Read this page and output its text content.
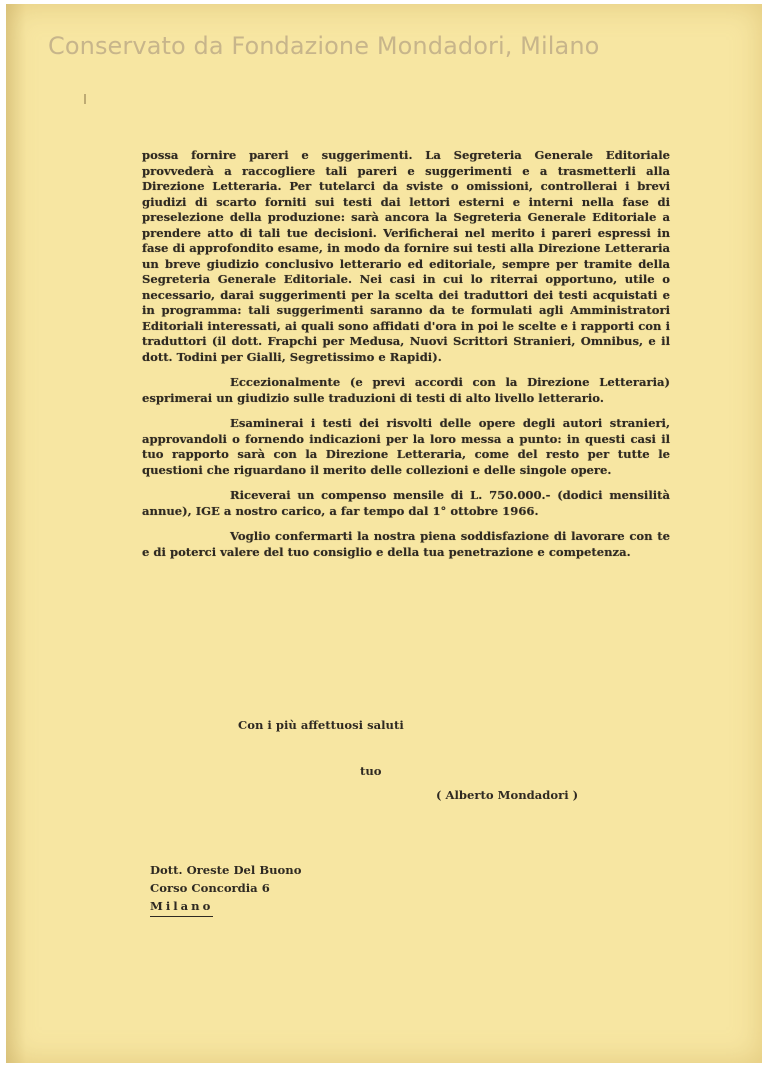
Conservato da Fondazione Mondadori, Milano

possa fornire pareri e suggerimenti. La Segreteria Generale Editoriale provvederà a raccogliere tali pareri e suggerimenti e a trasmetterli alla Direzione Letteraria. Per tutelarci da sviste o omissioni, controllerai i brevi giudizi di scarto forniti sui testi dai lettori esterni e interni nella fase di preselezione della produzione: sarà ancora la Segreteria Generale Editoriale a prendere atto di tali tue decisioni. Verificherai nel merito i pareri espressi in fase di approfondito esame, in modo da fornire sui testi alla Direzione Letteraria un breve giudizio conclusivo letterario ed editoriale, sempre per tramite della Segreteria Generale Editoriale. Nei casi in cui lo riterrai opportuno, utile o necessario, darai suggerimenti per la scelta dei traduttori dei testi acquistati e in programma: tali suggerimenti saranno da te formulati agli Amministratori Editoriali interessati, ai quali sono affidati d'ora in poi le scelte e i rapporti con i traduttori (il dott. Frapchi per Medusa, Nuovi Scrittori Stranieri, Omnibus, e il dott. Todini per Gialli, Segretissimo e Rapidi).

Eccezionalmente (e previ accordi con la Direzione Letteraria) esprimerai un giudizio sulle traduzioni di testi di alto livello letterario.

Esaminerai i testi dei risvolti delle opere degli autori stranieri, approvandoli o fornendo indicazioni per la loro messa a punto: in questi casi il tuo rapporto sarà con la Direzione Letteraria, come del resto per tutte le questioni che riguardano il merito delle collezioni e delle singole opere.

Riceverai un compenso mensile di L. 750.000.- (dodici mensilità annue), IGE a nostro carico, a far tempo dal 1° ottobre 1966.

Voglio confermarti la nostra piena soddisfazione di lavorare con te e di poterci valere del tuo consiglio e della tua penetrazione e competenza.

Con i più affettuosi saluti
tuo
( Alberto Mondadori )
Dott. Oreste Del Buono
Corso Concordia 6
Milano
